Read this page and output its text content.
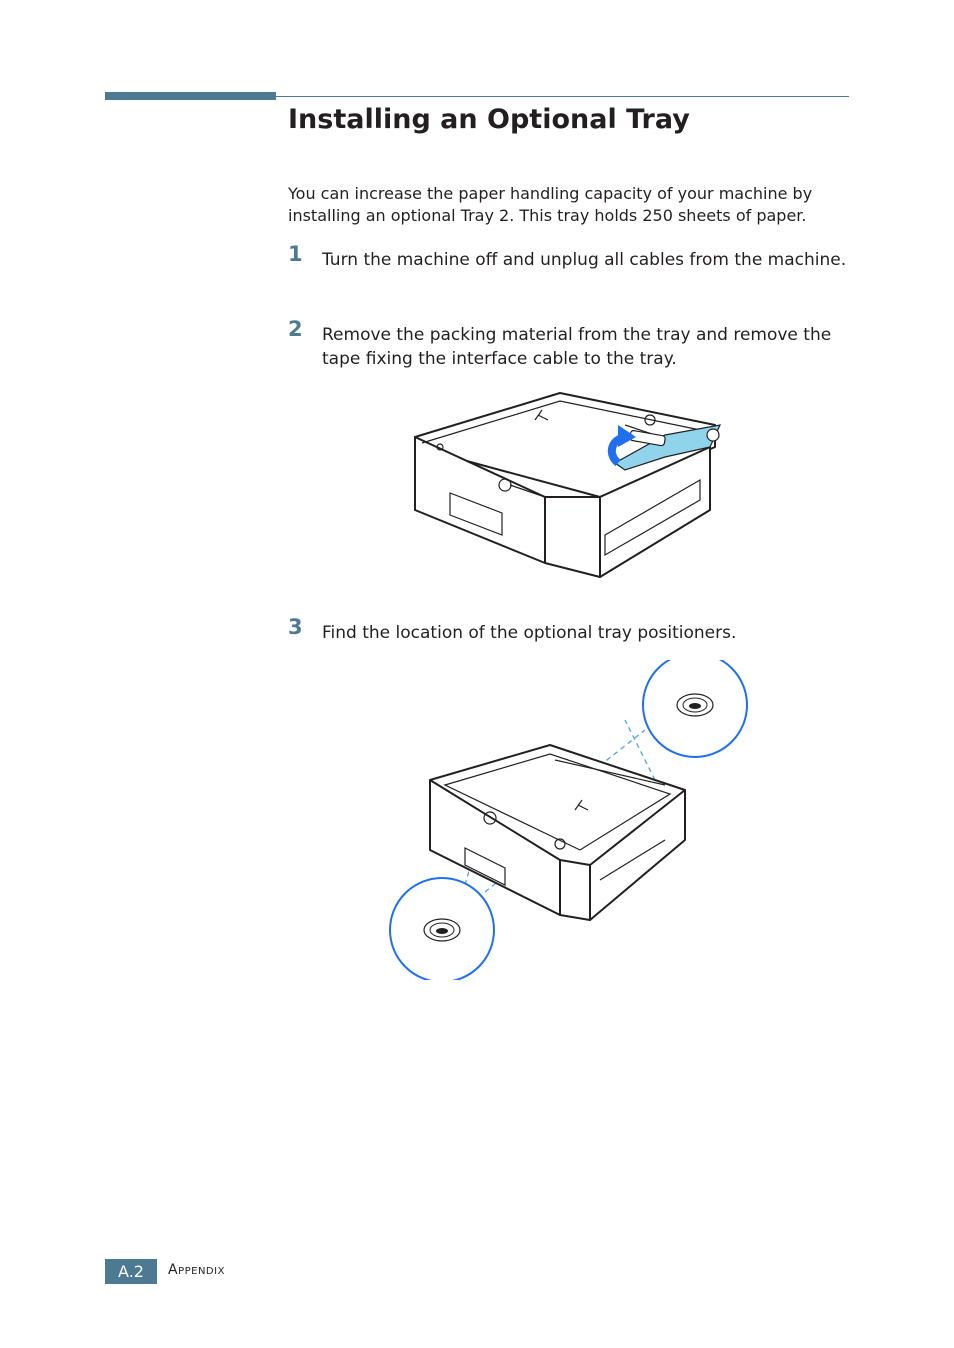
Installing an Optional Tray

You can increase the paper handling capacity of your machine by installing an optional Tray 2. This tray holds 250 sheets of paper.

1 Turn the machine off and unplug all cables from the machine.
2 Remove the packing material from the tray and remove the tape fixing the interface cable to the tray.
3 Find the location of the optional tray positioners.
A.2	Appendix
